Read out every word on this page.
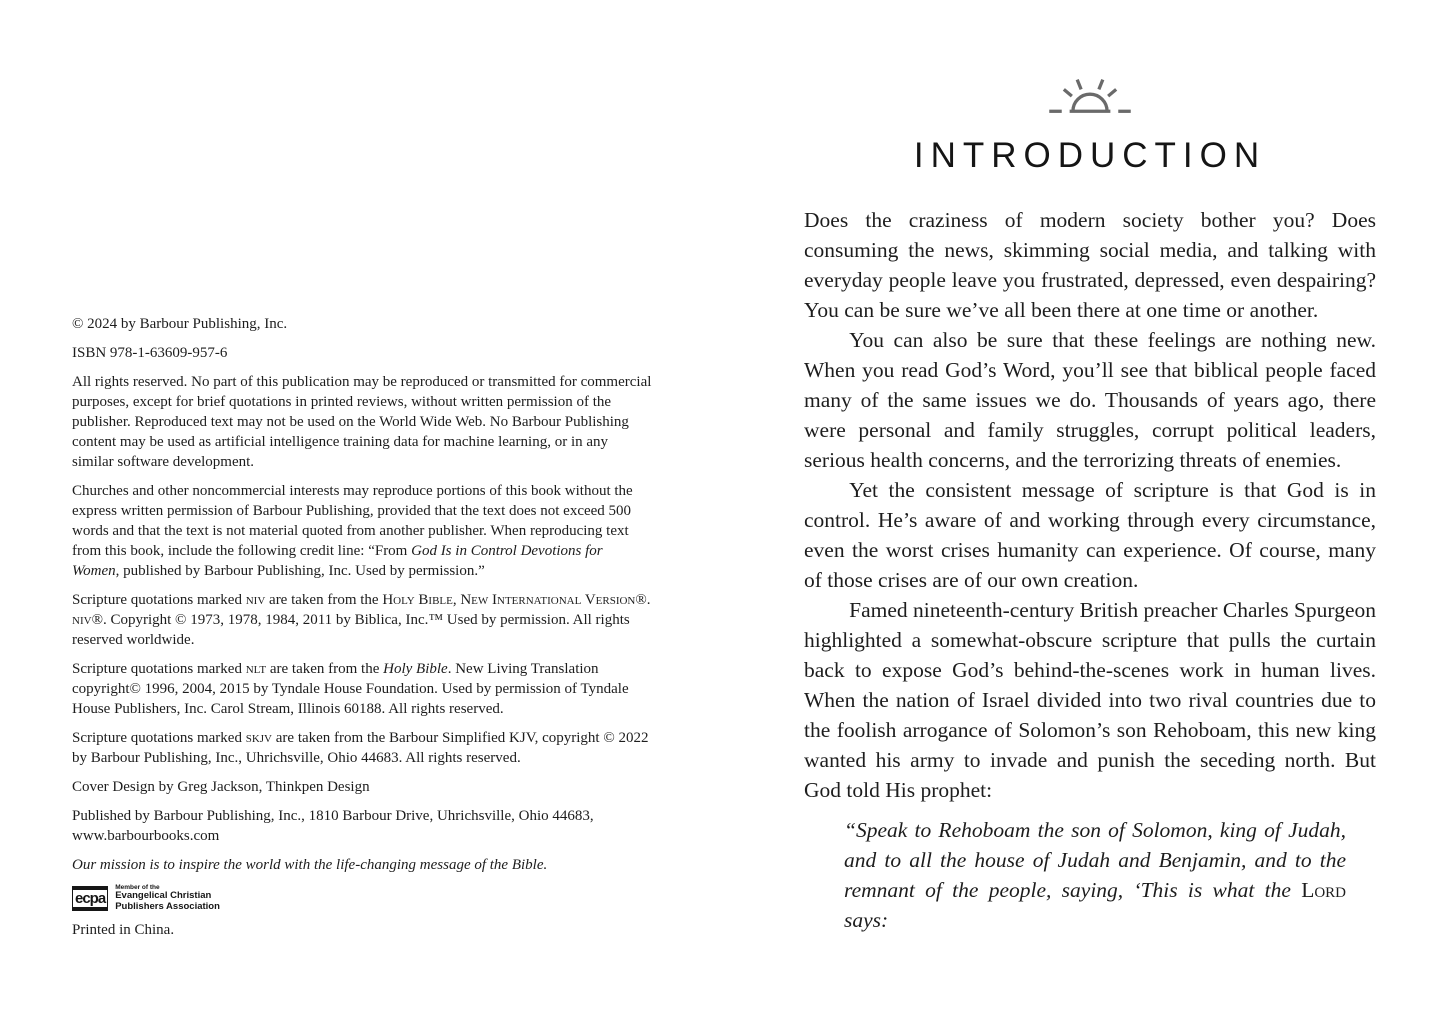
© 2024 by Barbour Publishing, Inc.

ISBN 978-1-63609-957-6

All rights reserved. No part of this publication may be reproduced or transmitted for commercial purposes, except for brief quotations in printed reviews, without written permission of the publisher. Reproduced text may not be used on the World Wide Web. No Barbour Publishing content may be used as artificial intelligence training data for machine learning, or in any similar software development.

Churches and other noncommercial interests may reproduce portions of this book without the express written permission of Barbour Publishing, provided that the text does not exceed 500 words and that the text is not material quoted from another publisher. When reproducing text from this book, include the following credit line: “From God Is in Control Devotions for Women, published by Barbour Publishing, Inc. Used by permission.”

Scripture quotations marked niv are taken from the Holy Bible, New International Version®. niv®. Copyright © 1973, 1978, 1984, 2011 by Biblica, Inc.™ Used by permission. All rights reserved worldwide.

Scripture quotations marked nlt are taken from the Holy Bible. New Living Translation copyright© 1996, 2004, 2015 by Tyndale House Foundation. Used by permission of Tyndale House Publishers, Inc. Carol Stream, Illinois 60188. All rights reserved.

Scripture quotations marked skjv are taken from the Barbour Simplified KJV, copyright © 2022 by Barbour Publishing, Inc., Uhrichsville, Ohio 44683. All rights reserved.

Cover Design by Greg Jackson, Thinkpen Design

Published by Barbour Publishing, Inc., 1810 Barbour Drive, Uhrichsville, Ohio 44683, www.barbourbooks.com

Our mission is to inspire the world with the life-changing message of the Bible.

ecpa
Member of the
Evangelical Christian
Publishers Association

Printed in China.

INTRODUCTION

Does the craziness of modern society bother you? Does consuming the news, skimming social media, and talking with everyday people leave you frustrated, depressed, even despairing? You can be sure we’ve all been there at one time or another.

You can also be sure that these feelings are nothing new. When you read God’s Word, you’ll see that biblical people faced many of the same issues we do. Thousands of years ago, there were personal and family struggles, corrupt political leaders, serious health concerns, and the terrorizing threats of enemies.

Yet the consistent message of scripture is that God is in control. He’s aware of and working through every circumstance, even the worst crises humanity can experience. Of course, many of those crises are of our own creation.

Famed nineteenth-century British preacher Charles Spurgeon highlighted a somewhat-obscure scripture that pulls the curtain back to expose God’s behind-the-scenes work in human lives. When the nation of Israel divided into two rival countries due to the foolish arrogance of Solomon’s son Rehoboam, this new king wanted his army to invade and punish the seceding north. But God told His prophet:

“Speak to Rehoboam the son of Solomon, king of Judah, and to all the house of Judah and Benjamin, and to the remnant of the people, saying, ‘This is what the Lord says:
